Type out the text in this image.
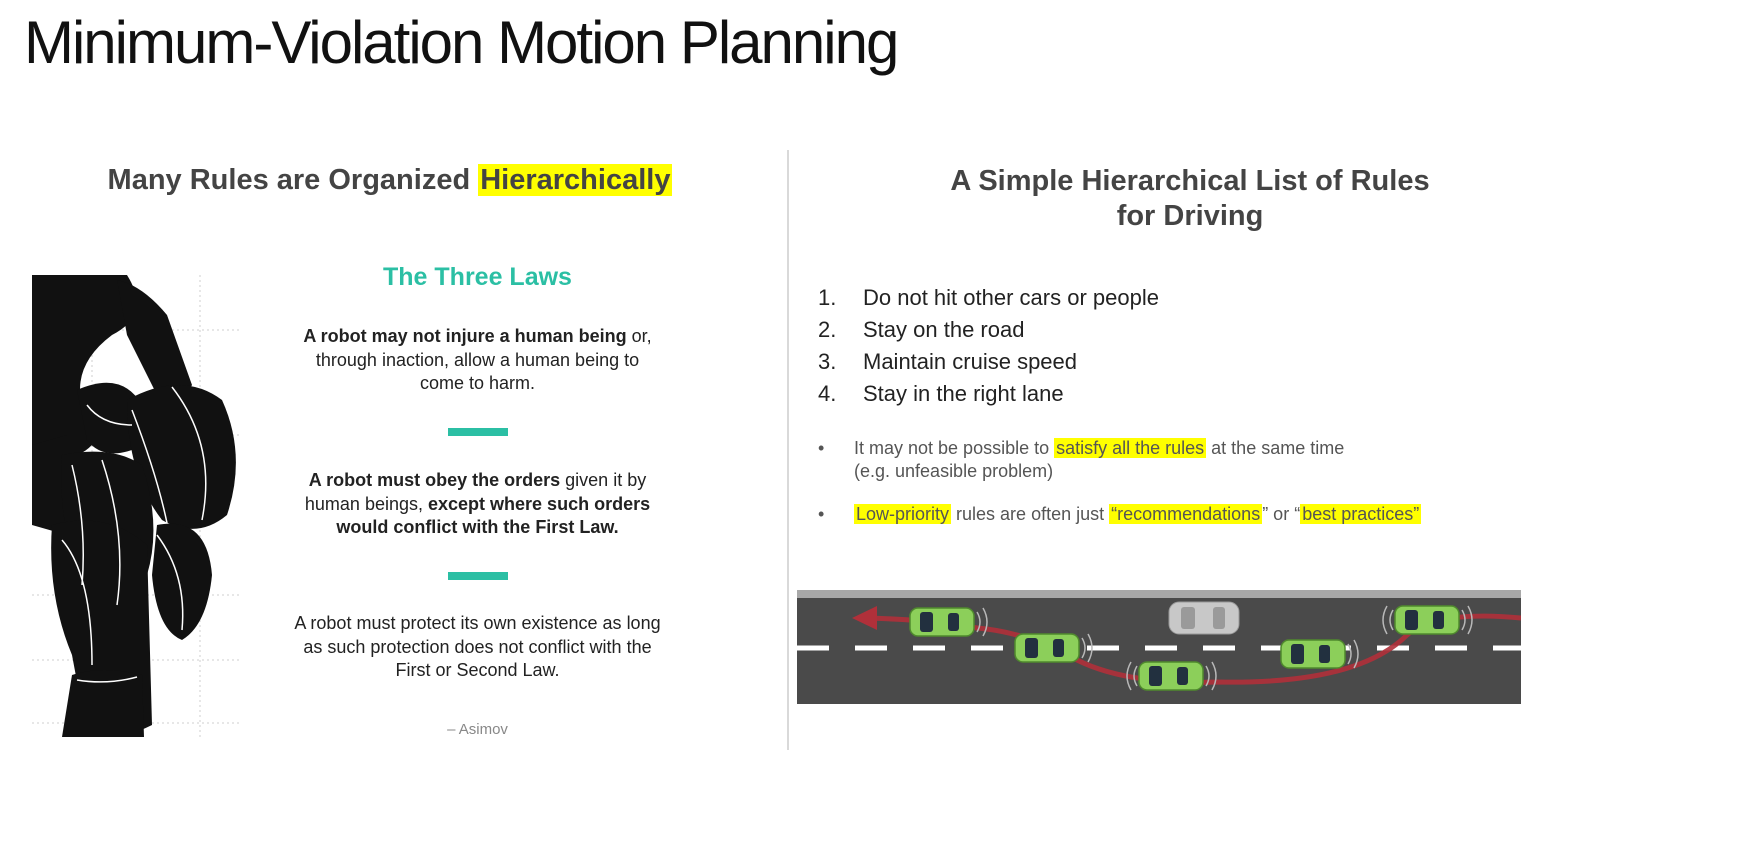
Minimum-Violation Motion Planning
Many Rules are Organized Hierarchically
The Three Laws
A robot may not injure a human being or,
through inaction, allow a human being to
come to harm.
A robot must obey the orders given it by
human beings, except where such orders
would conflict with the First Law.
A robot must protect its own existence as long
as such protection does not conflict with the
First or Second Law.
– Asimov
A Simple Hierarchical List of Rules
for Driving
1. Do not hit other cars or people
2. Stay on the road
3. Maintain cruise speed
4. Stay in the right lane
• It may not be possible to satisfy all the rules at the same time
(e.g. unfeasible problem)
• Low-priority rules are often just “recommendations ” or “ best practices”
